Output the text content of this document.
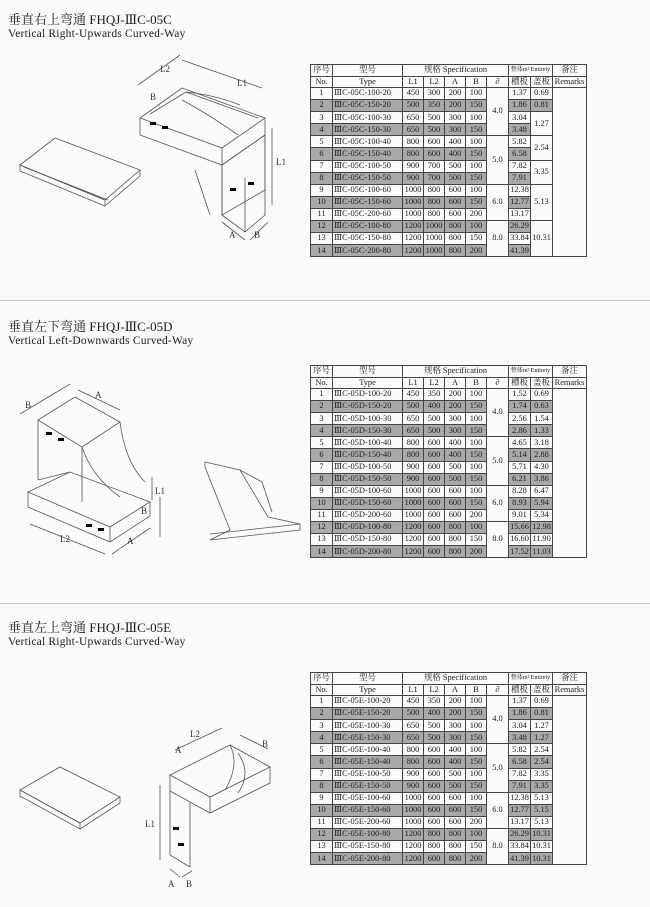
垂直右上弯通 FHQJ-ⅢC-05C
Vertical Right-Upwards Curved-Way
L2
L1
L1
B
A B
序号	型号	规格 Specification					整体m² Entirety		备注
No.	Type	L1	L2	A	B	∂	槽板	盖板	Remarks
1	ⅢC-05C-100-20	450	300	200	100	4.0	1.37	0.69	
2	ⅢC-05C-150-20	500	350	200	150		1.86	0.81	
3	ⅢC-05C-100-30	650	500	300	100		3.04	1.27	
4	ⅢC-05C-150-30	650	500	300	150		3.48		
5	ⅢC-05C-100-40	800	600	400	100	5.0	5.82	2.54	
6	ⅢC-05C-150-40	800	600	400	150		6.58		
7	ⅢC-05C-100-50	900	700	500	100		7.82	3.35	
8	ⅢC-05C-150-50	900	700	500	150		7.91		
9	ⅢC-05C-100-60	1000	800	600	100	6.0	12.38	5.13	
10	ⅢC-05C-150-60	1000	800	600	150		12.77		
11	ⅢC-05C-200-60	1000	800	600	200		13.17		
12	ⅢC-05C-100-80	1200	1000	800	100	8.0	26.29	10.31	
13	ⅢC-05C-150-80	1200	1000	800	150		33.84		
14	ⅢC-05C-200-80	1200	1000	800	200		41.39		
垂直左下弯通 FHQJ-ⅢC-05D
Vertical Left-Downwards Curved-Way
B
A
L1
B
L2	A
序号	型号	规格 Specification					整体m² Entirety		备注
No.	Type	L1	L2	A	B	∂	槽板	盖板	Remarks
1	ⅢC-05D-100-20	450	350	200	100	4.0	1.52	0.69	
2	ⅢC-05D-150-20	500	400	200	150		1.74	0.63	
3	ⅢC-05D-100-30	650	500	300	100		2.56	1.54	
4	ⅢC-05D-150-30	650	500	300	150		2.86	1.33	
5	ⅢC-05D-100-40	800	600	400	100	5.0	4.65	3.18	
6	ⅢC-05D-150-40	800	600	400	150		5.14	2.88	
7	ⅢC-05D-100-50	900	600	500	100		5.71	4.30	
8	ⅢC-05D-150-50	900	600	500	150		6.21	3.86	
9	ⅢC-05D-100-60	1000	600	600	100	6.0	8.28	6.47	
10	ⅢC-05D-150-60	1000	600	600	150		8.93	5.94	
11	ⅢC-05D-200-60	1000	600	600	200		9.01	5.34	
12	ⅢC-05D-100-80	1200	600	800	100	8.0	15.66	12.98	
13	ⅢC-05D-150-80	1200	600	800	150		16.60	11.90	
14	ⅢC-05D-200-80	1200	600	800	200		17.52	11.03	
垂直左上弯通 FHQJ-ⅢC-05E
Vertical Right-Upwards Curved-Way
A
L2
B
L1
A B
序号	型号	规格 Specification					整体m² Entirety		备注
No.	Type	L1	L2	A	B	∂	槽板	盖板	Remarks
1	ⅢC-05E-100-20	450	350	200	100	4.0	1.37	0.69	
2	ⅢC-05E-150-20	500	400	200	150		1.86	0.81	
3	ⅢC-05E-100-30	650	500	300	100		3.04	1.27	
4	ⅢC-05E-150-30	650	500	300	150		3.48	1.27	
5	ⅢC-05E-100-40	800	600	400	100	5.0	5.82	2.54	
6	ⅢC-05E-150-40	800	600	400	150		6.58	2.54	
7	ⅢC-05E-100-50	900	600	500	100		7.82	3.35	
8	ⅢC-05E-150-50	900	600	500	150		7.91	3.35	
9	ⅢC-05E-100-60	1000	600	600	100	6.0	12.38	5.13	
10	ⅢC-05E-150-60	1000	600	600	150		12.77	5.15	
11	ⅢC-05E-200-60	1000	600	600	200		13.17	5.13	
12	ⅢC-05E-100-80	1200	800	800	100	8.0	26.29	10.31	
13	ⅢC-05E-150-80	1200	800	800	150		33.84	10.31	
14	ⅢC-05E-200-80	1200	600	800	200		41.39	10.31	
